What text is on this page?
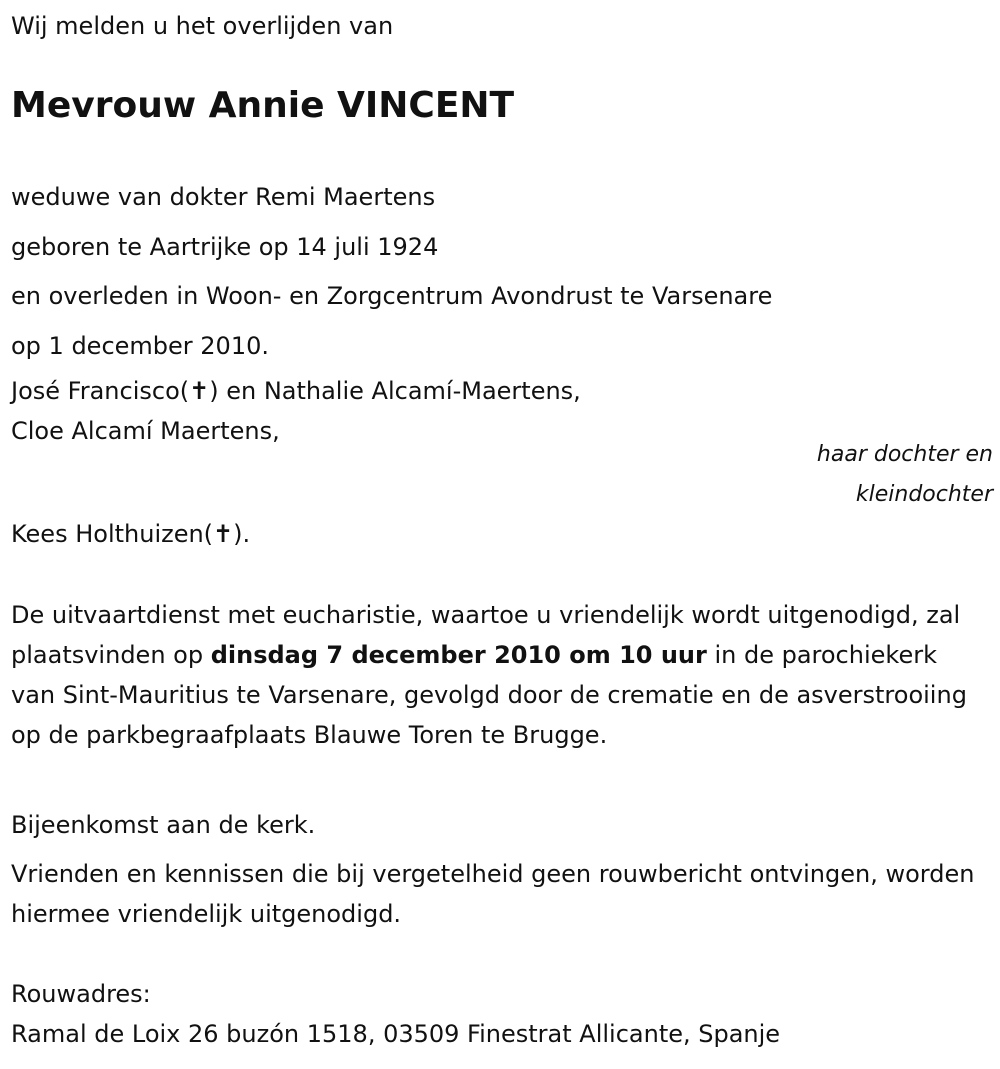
Wij melden u het overlijden van

Mevrouw Annie VINCENT

weduwe van dokter Remi Maertens

geboren te Aartrijke op 14 juli 1924

en overleden in Woon- en Zorgcentrum Avondrust te Varsenare

op 1 december 2010.

José Francisco(✝) en Nathalie Alcamí-Maertens,

Cloe Alcamí Maertens,

haar dochter en
kleindochter

Kees Holthuizen(✝).

De uitvaartdienst met eucharistie, waartoe u vriendelijk wordt uitgenodigd, zal plaatsvinden op dinsdag 7 december 2010 om 10 uur in de parochiekerk van Sint-Mauritius te Varsenare, gevolgd door de crematie en de asverstrooiing op de parkbegraafplaats Blauwe Toren te Brugge.

Bijeenkomst aan de kerk.

Vrienden en kennissen die bij vergetelheid geen rouwbericht ontvingen, worden hiermee vriendelijk uitgenodigd.

Rouwadres:

Ramal de Loix 26 buzón 1518, 03509 Finestrat Allicante, Spanje
